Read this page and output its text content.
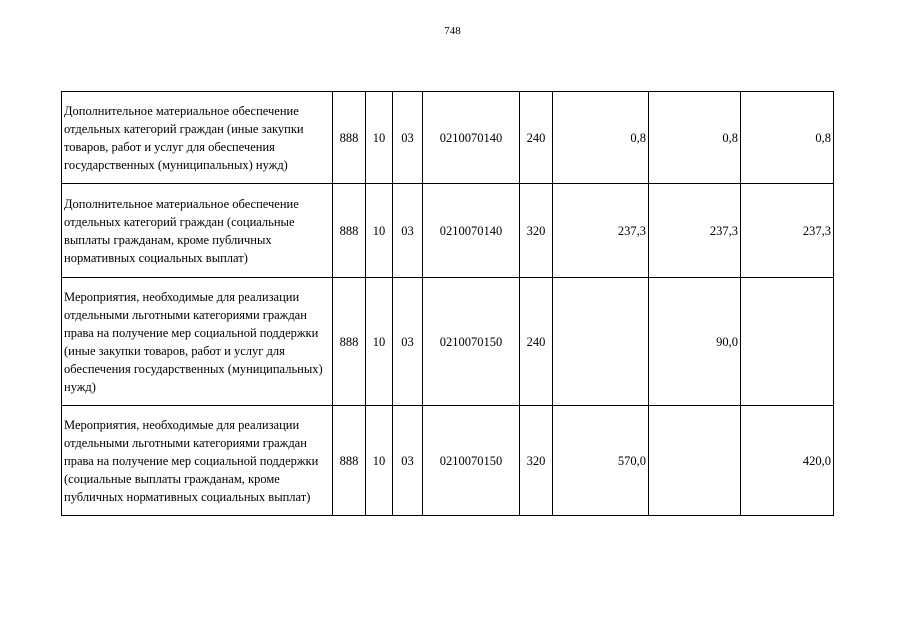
748
Дополнительное материальное обеспечение отдельных категорий граждан (иные закупки товаров, работ и услуг для обеспечения государственных (муниципальных) нужд)	888	10	03	0210070140	240	0,8	0,8	0,8
Дополнительное материальное обеспечение отдельных категорий граждан (социальные выплаты гражданам, кроме публичных нормативных социальных выплат)	888	10	03	0210070140	320	237,3	237,3	237,3
Мероприятия, необходимые для реализации отдельными льготными категориями граждан права на получение мер социальной поддержки (иные закупки товаров, работ и услуг для обеспечения государственных (муниципальных) нужд)	888	10	03	0210070150	240		90,0	
Мероприятия, необходимые для реализации отдельными льготными категориями граждан права на получение мер социальной поддержки (социальные выплаты гражданам, кроме публичных нормативных социальных выплат)	888	10	03	0210070150	320	570,0		420,0
